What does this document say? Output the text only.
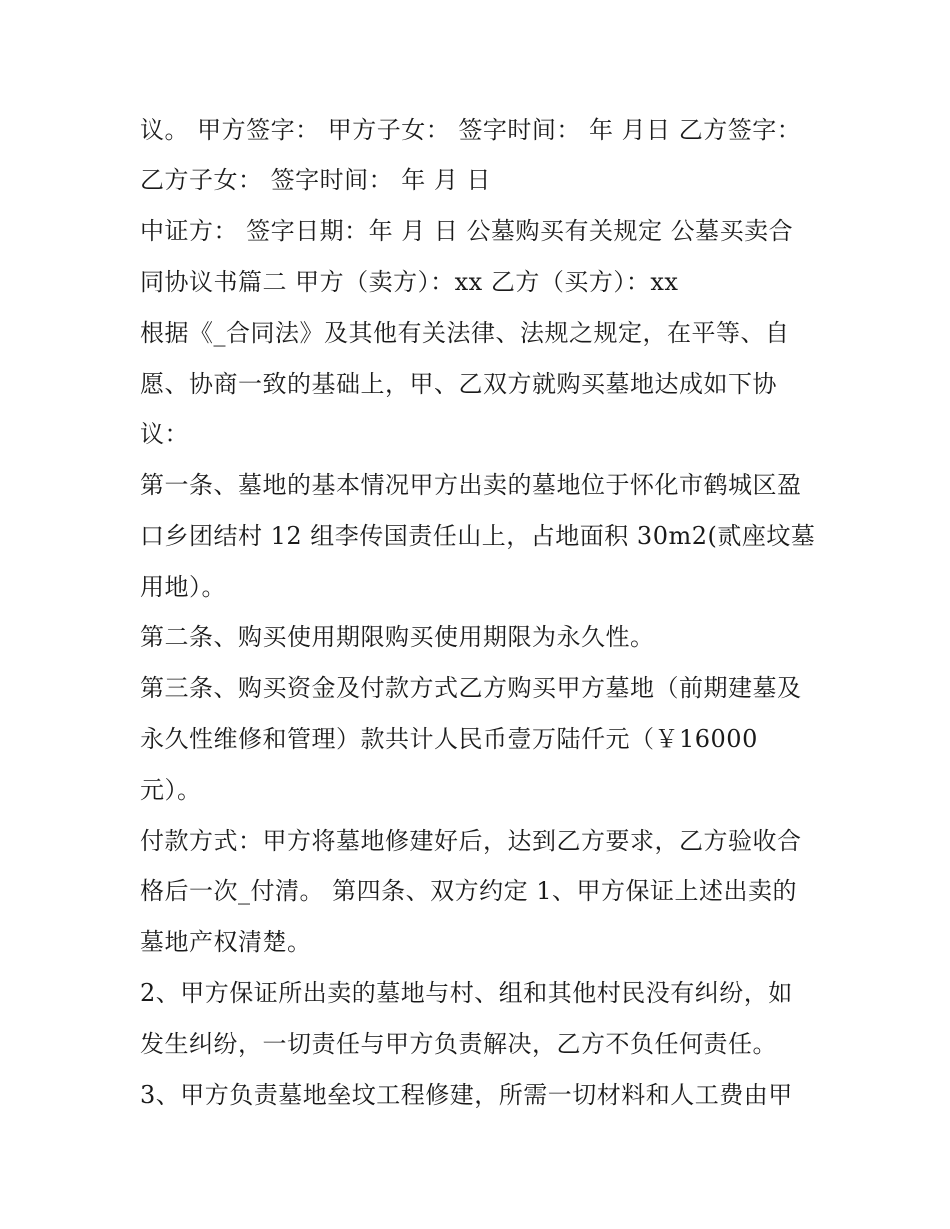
议。 甲方签字： 甲方子女： 签字时间： 年 月日 乙方签字：
乙方子女： 签字时间： 年 月 日
中证方： 签字日期：年 月 日 公墓购买有关规定 公墓买卖合
同协议书篇二 甲方（卖方）：xx 乙方（买方）：xx
根据《_合同法》及其他有关法律、法规之规定，在平等、自
愿、协商一致的基础上，甲、乙双方就购买墓地达成如下协
议：
第一条、墓地的基本情况甲方出卖的墓地位于怀化市鹤城区盈
口乡团结村 12 组李传国责任山上，占地面积 30m2(贰座坟墓
用地）。
第二条、购买使用期限购买使用期限为永久性。
第三条、购买资金及付款方式乙方购买甲方墓地（前期建墓及
永久性维修和管理）款共计人民币壹万陆仟元（￥16000
元）。
付款方式：甲方将墓地修建好后，达到乙方要求，乙方验收合
格后一次_付清。 第四条、双方约定 1、甲方保证上述出卖的
墓地产权清楚。
2、甲方保证所出卖的墓地与村、组和其他村民没有纠纷，如
发生纠纷，一切责任与甲方负责解决，乙方不负任何责任。
3、甲方负责墓地垒坟工程修建，所需一切材料和人工费由甲
